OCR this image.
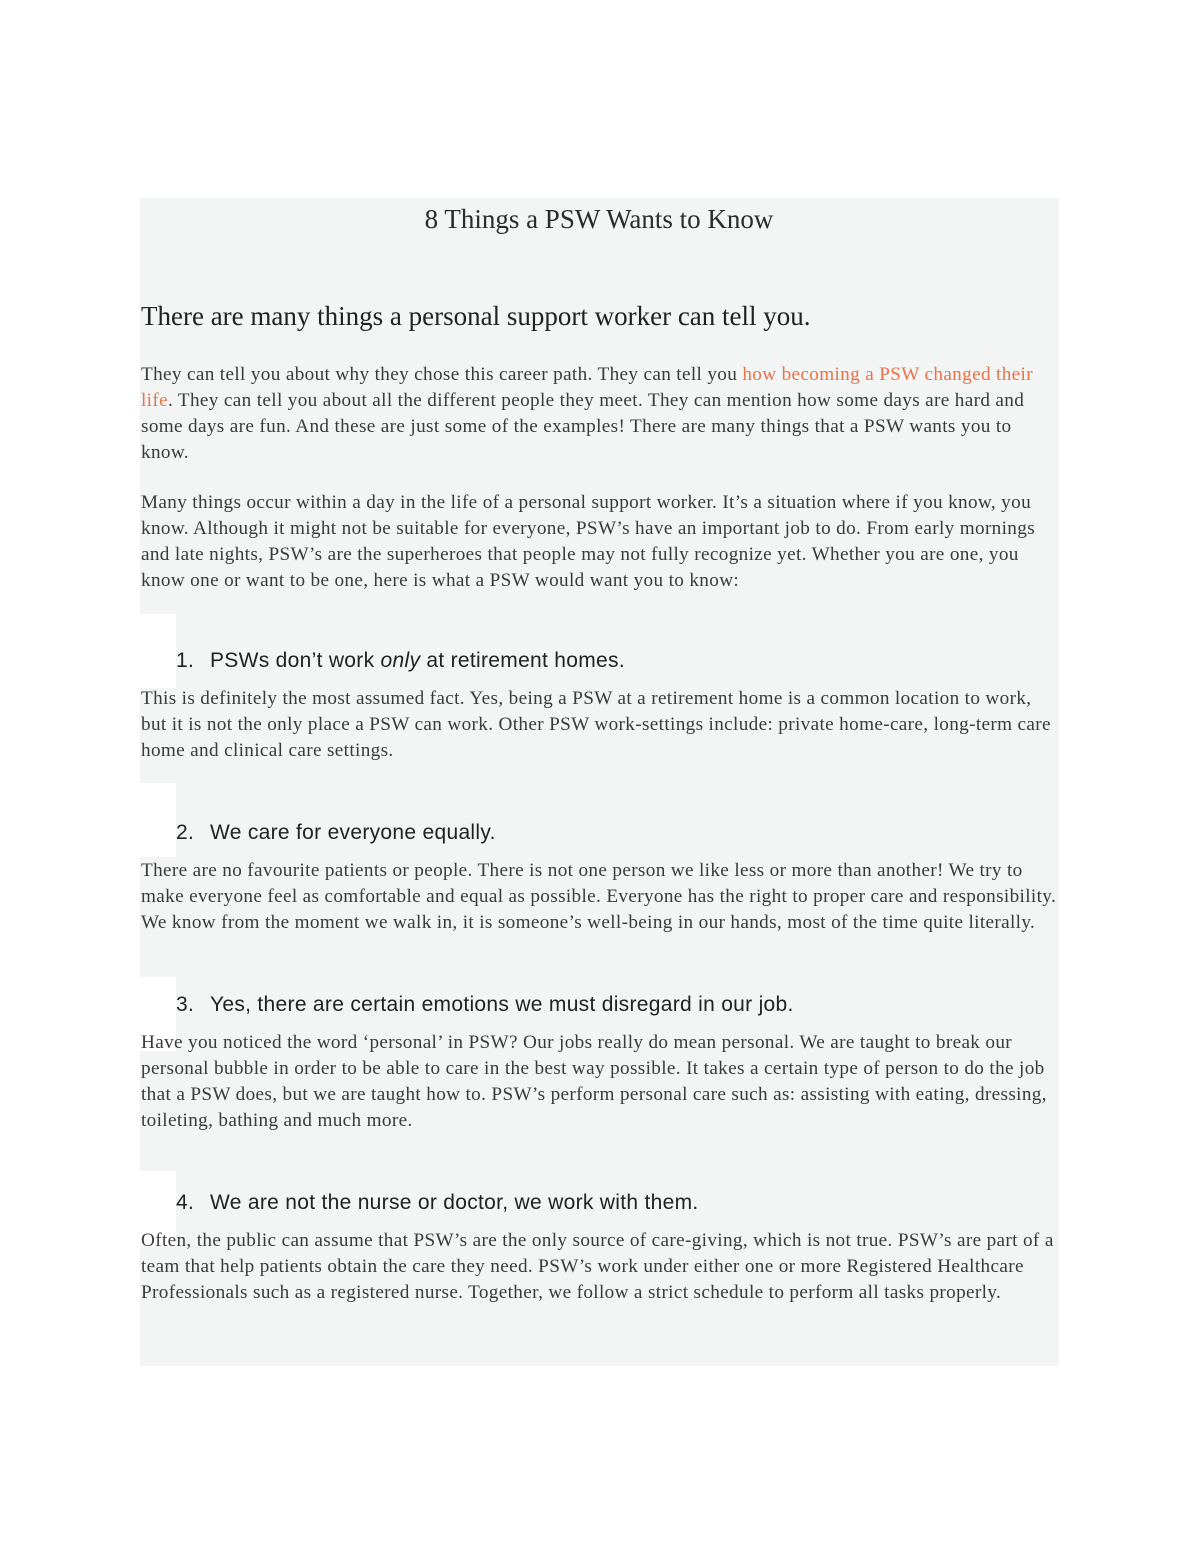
8 Things a PSW Wants to Know
There are many things a personal support worker can tell you.

They can tell you about why they chose this career path. They can tell you how becoming a PSW changed their life. They can tell you about all the different people they meet. They can mention how some days are hard and some days are fun. And these are just some of the examples! There are many things that a PSW wants you to know.

Many things occur within a day in the life of a personal support worker. It’s a situation where if you know, you know. Although it might not be suitable for everyone, PSW’s have an important job to do. From early mornings and late nights, PSW’s are the superheroes that people may not fully recognize yet. Whether you are one, you know one or want to be one, here is what a PSW would want you to know:

1. PSWs don’t work only at retirement homes.

This is definitely the most assumed fact. Yes, being a PSW at a retirement home is a common location to work, but it is not the only place a PSW can work. Other PSW work-settings include: private home-care, long-term care home and clinical care settings.

2. We care for everyone equally.

There are no favourite patients or people. There is not one person we like less or more than another! We try to make everyone feel as comfortable and equal as possible. Everyone has the right to proper care and responsibility. We know from the moment we walk in, it is someone’s well-being in our hands, most of the time quite literally.

3. Yes, there are certain emotions we must disregard in our job.

Have you noticed the word ‘personal’ in PSW? Our jobs really do mean personal. We are taught to break our personal bubble in order to be able to care in the best way possible. It takes a certain type of person to do the job that a PSW does, but we are taught how to. PSW’s perform personal care such as: assisting with eating, dressing, toileting, bathing and much more.

4. We are not the nurse or doctor, we work with them.

Often, the public can assume that PSW’s are the only source of care-giving, which is not true. PSW’s are part of a team that help patients obtain the care they need. PSW’s work under either one or more Registered Healthcare Professionals such as a registered nurse. Together, we follow a strict schedule to perform all tasks properly.
